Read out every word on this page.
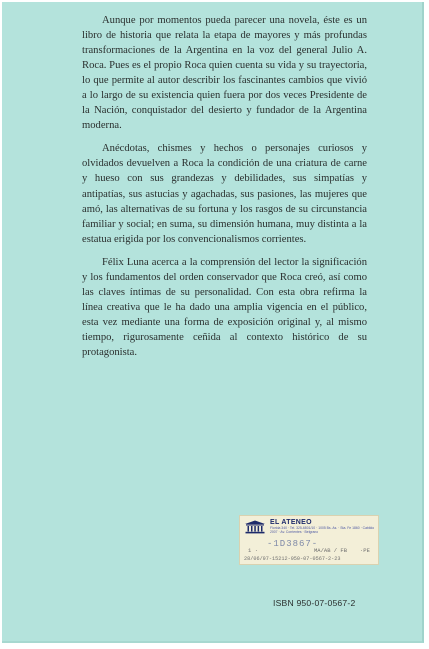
Aunque por momentos pueda parecer una novela, éste es un libro de historia que relata la etapa de mayores y más profundas transformaciones de la Argentina en la voz del general Julio A. Roca. Pues es el propio Roca quien cuenta su vida y su trayectoria, lo que permite al autor describir los fascinantes cambios que vivió a lo largo de su existencia quien fuera por dos veces Presidente de la Nación, conquistador del desierto y fundador de la Argentina moderna.

Anécdotas, chismes y hechos o personajes curiosos y olvidados devuelven a Roca la condición de una criatura de carne y hueso con sus grandezas y debilidades, sus simpatías y antipatías, sus astucias y agachadas, sus pasiones, las mujeres que amó, las alternativas de su fortuna y los rasgos de su circunstancia familiar y social; en suma, su dimensión humana, muy distinta a la estatua erigida por los convencionalismos corrientes.

Félix Luna acerca a la comprensión del lector la significación y los fundamentos del orden conservador que Roca creó, así como las claves íntimas de su personalidad. Con esta obra refirma la línea creativa que le ha dado una amplia vigencia en el público, esta vez mediante una forma de exposición original y, al mismo tiempo, rigurosamente ceñida al contexto histórico de su protagonista.

EL ATENEO
Florida 340 · Tel. 325-6801/10 · 1005 Bs. As. · Sta. Fe 1860 · Cabildo 2007 · Av. Corrientes · Belgrano
-1D3867-
1 ·	MA/AB / FB ·PE
28/06/97-15212-950-07-0567-2-23
ISBN 950-07-0567-2
